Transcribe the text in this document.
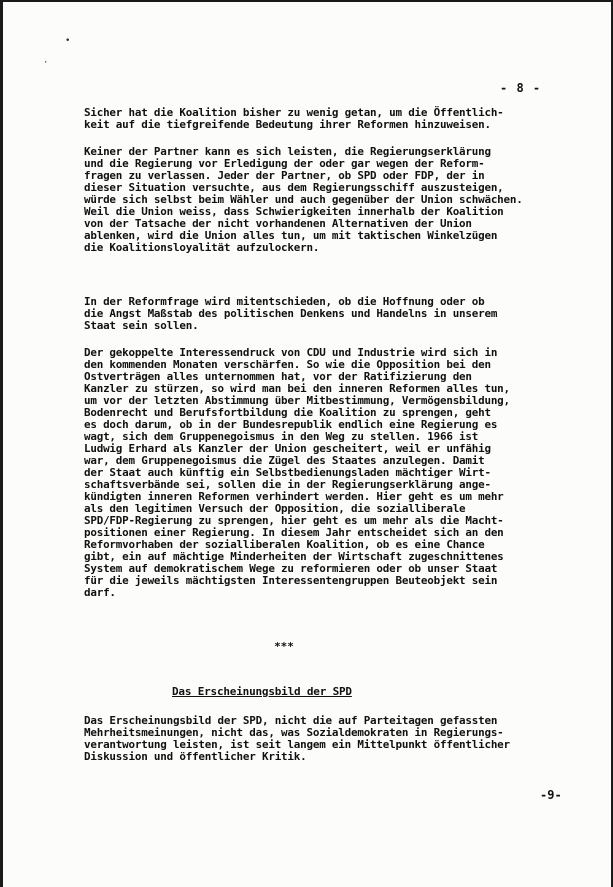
•
·
- 8 -

Sicher hat die Koalition bisher zu wenig getan, um die Öffentlich-
keit auf die tiefgreifende Bedeutung ihrer Reformen hinzuweisen.

Keiner der Partner kann es sich leisten, die Regierungserklärung
und die Regierung vor Erledigung der oder gar wegen der Reform-
fragen zu verlassen. Jeder der Partner, ob SPD oder FDP, der in
dieser Situation versuchte, aus dem Regierungsschiff auszusteigen,
würde sich selbst beim Wähler und auch gegenüber der Union schwächen.
Weil die Union weiss, dass Schwierigkeiten innerhalb der Koalition
von der Tatsache der nicht vorhandenen Alternativen der Union
ablenken, wird die Union alles tun, um mit taktischen Winkelzügen
die Koalitionsloyalität aufzulockern.

In der Reformfrage wird mitentschieden, ob die Hoffnung oder ob
die Angst Maßstab des politischen Denkens und Handelns in unserem
Staat sein sollen.

Der gekoppelte Interessendruck von CDU und Industrie wird sich in
den kommenden Monaten verschärfen. So wie die Opposition bei den
Ostverträgen alles unternommen hat, vor der Ratifizierung den
Kanzler zu stürzen, so wird man bei den inneren Reformen alles tun,
um vor der letzten Abstimmung über Mitbestimmung, Vermögensbildung,
Bodenrecht und Berufsfortbildung die Koalition zu sprengen, geht
es doch darum, ob in der Bundesrepublik endlich eine Regierung es
wagt, sich dem Gruppenegoismus in den Weg zu stellen. 1966 ist
Ludwig Erhard als Kanzler der Union gescheitert, weil er unfähig
war, dem Gruppenegoismus die Zügel des Staates anzulegen. Damit
der Staat auch künftig ein Selbstbedienungsladen mächtiger Wirt-
schaftsverbände sei, sollen die in der Regierungserklärung ange-
kündigten inneren Reformen verhindert werden. Hier geht es um mehr
als den legitimen Versuch der Opposition, die sozialliberale
SPD/FDP-Regierung zu sprengen, hier geht es um mehr als die Macht-
positionen einer Regierung. In diesem Jahr entscheidet sich an den
Reformvorhaben der sozialliberalen Koalition, ob es eine Chance
gibt, ein auf mächtige Minderheiten der Wirtschaft zugeschnittenes
System auf demokratischem Wege zu reformieren oder ob unser Staat
für die jeweils mächtigsten Interessentengruppen Beuteobjekt sein
darf.

***
Das Erscheinungsbild der SPD

Das Erscheinungsbild der SPD, nicht die auf Parteitagen gefassten
Mehrheitsmeinungen, nicht das, was Sozialdemokraten in Regierungs-
verantwortung leisten, ist seit langem ein Mittelpunkt öffentlicher
Diskussion und öffentlicher Kritik.

-9-
